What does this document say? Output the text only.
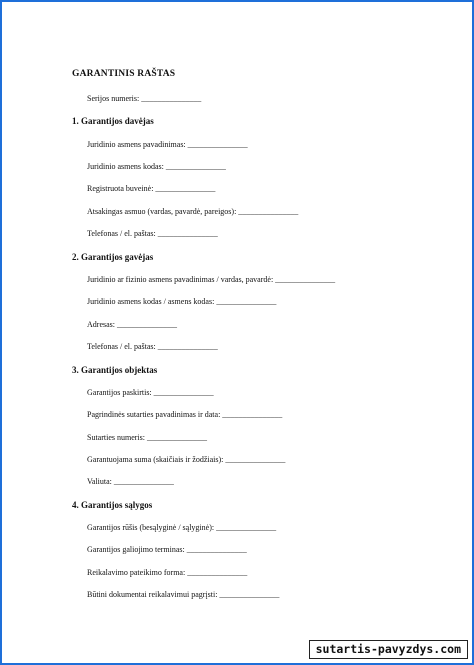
GARANTINIS RAŠTAS
Serijos numeris: _______________
1. Garantijos davėjas
Juridinio asmens pavadinimas: _______________
Juridinio asmens kodas: _______________
Registruota buveinė: _______________
Atsakingas asmuo (vardas, pavardė, pareigos): _______________
Telefonas / el. paštas: _______________
2. Garantijos gavėjas
Juridinio ar fizinio asmens pavadinimas / vardas, pavardė: _______________
Juridinio asmens kodas / asmens kodas: _______________
Adresas: _______________
Telefonas / el. paštas: _______________
3. Garantijos objektas
Garantijos paskirtis: _______________
Pagrindinės sutarties pavadinimas ir data: _______________
Sutarties numeris: _______________
Garantuojama suma (skaičiais ir žodžiais): _______________
Valiuta: _______________
4. Garantijos sąlygos
Garantijos rūšis (besąlyginė / sąlyginė): _______________
Garantijos galiojimo terminas: _______________
Reikalavimo pateikimo forma: _______________
Būtini dokumentai reikalavimui pagrįsti: _______________
sutartis-pavyzdys.com
